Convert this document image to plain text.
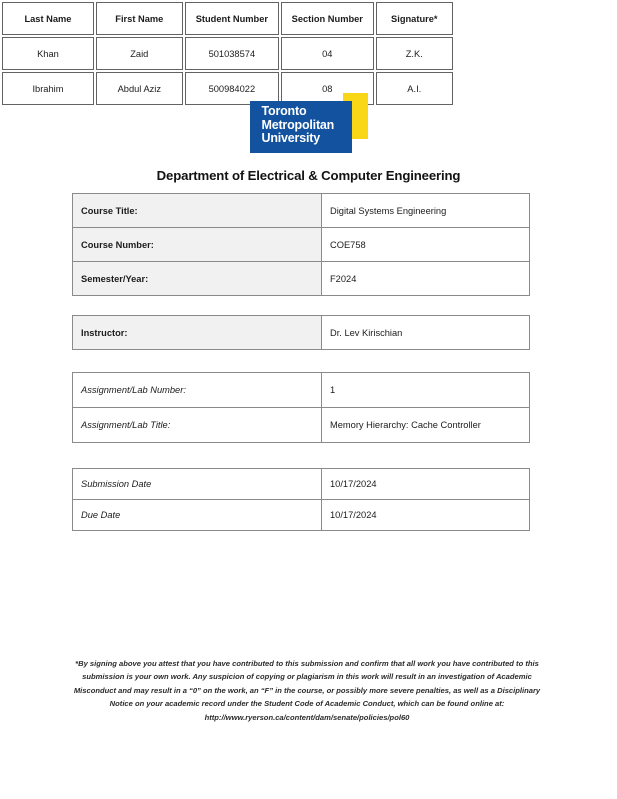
Toronto
Metropolitan
University
Department of Electrical & Computer Engineering
Course Title:	Digital Systems Engineering
Course Number:	COE758
Semester/Year:	F2024
Instructor:	Dr. Lev Kirischian
Assignment/Lab Number:	1
Assignment/Lab Title:	Memory Hierarchy: Cache Controller
Submission Date	10/17/2024
Due Date	10/17/2024
Last Name	First Name	Student Number	Section Number	Signature*
Khan	Zaid	501038574	04	Z.K.
Ibrahim	Abdul Aziz	500984022	08	A.I.
*By signing above you attest that you have contributed to this submission and confirm that all work you have contributed to this submission is your own work. Any suspicion of copying or plagiarism in this work will result in an investigation of Academic Misconduct and may result in a “0” on the work, an “F” in the course, or possibly more severe penalties, as well as a Disciplinary Notice on your academic record under the Student Code of Academic Conduct, which can be found online at:
http://www.ryerson.ca/content/dam/senate/policies/pol60
